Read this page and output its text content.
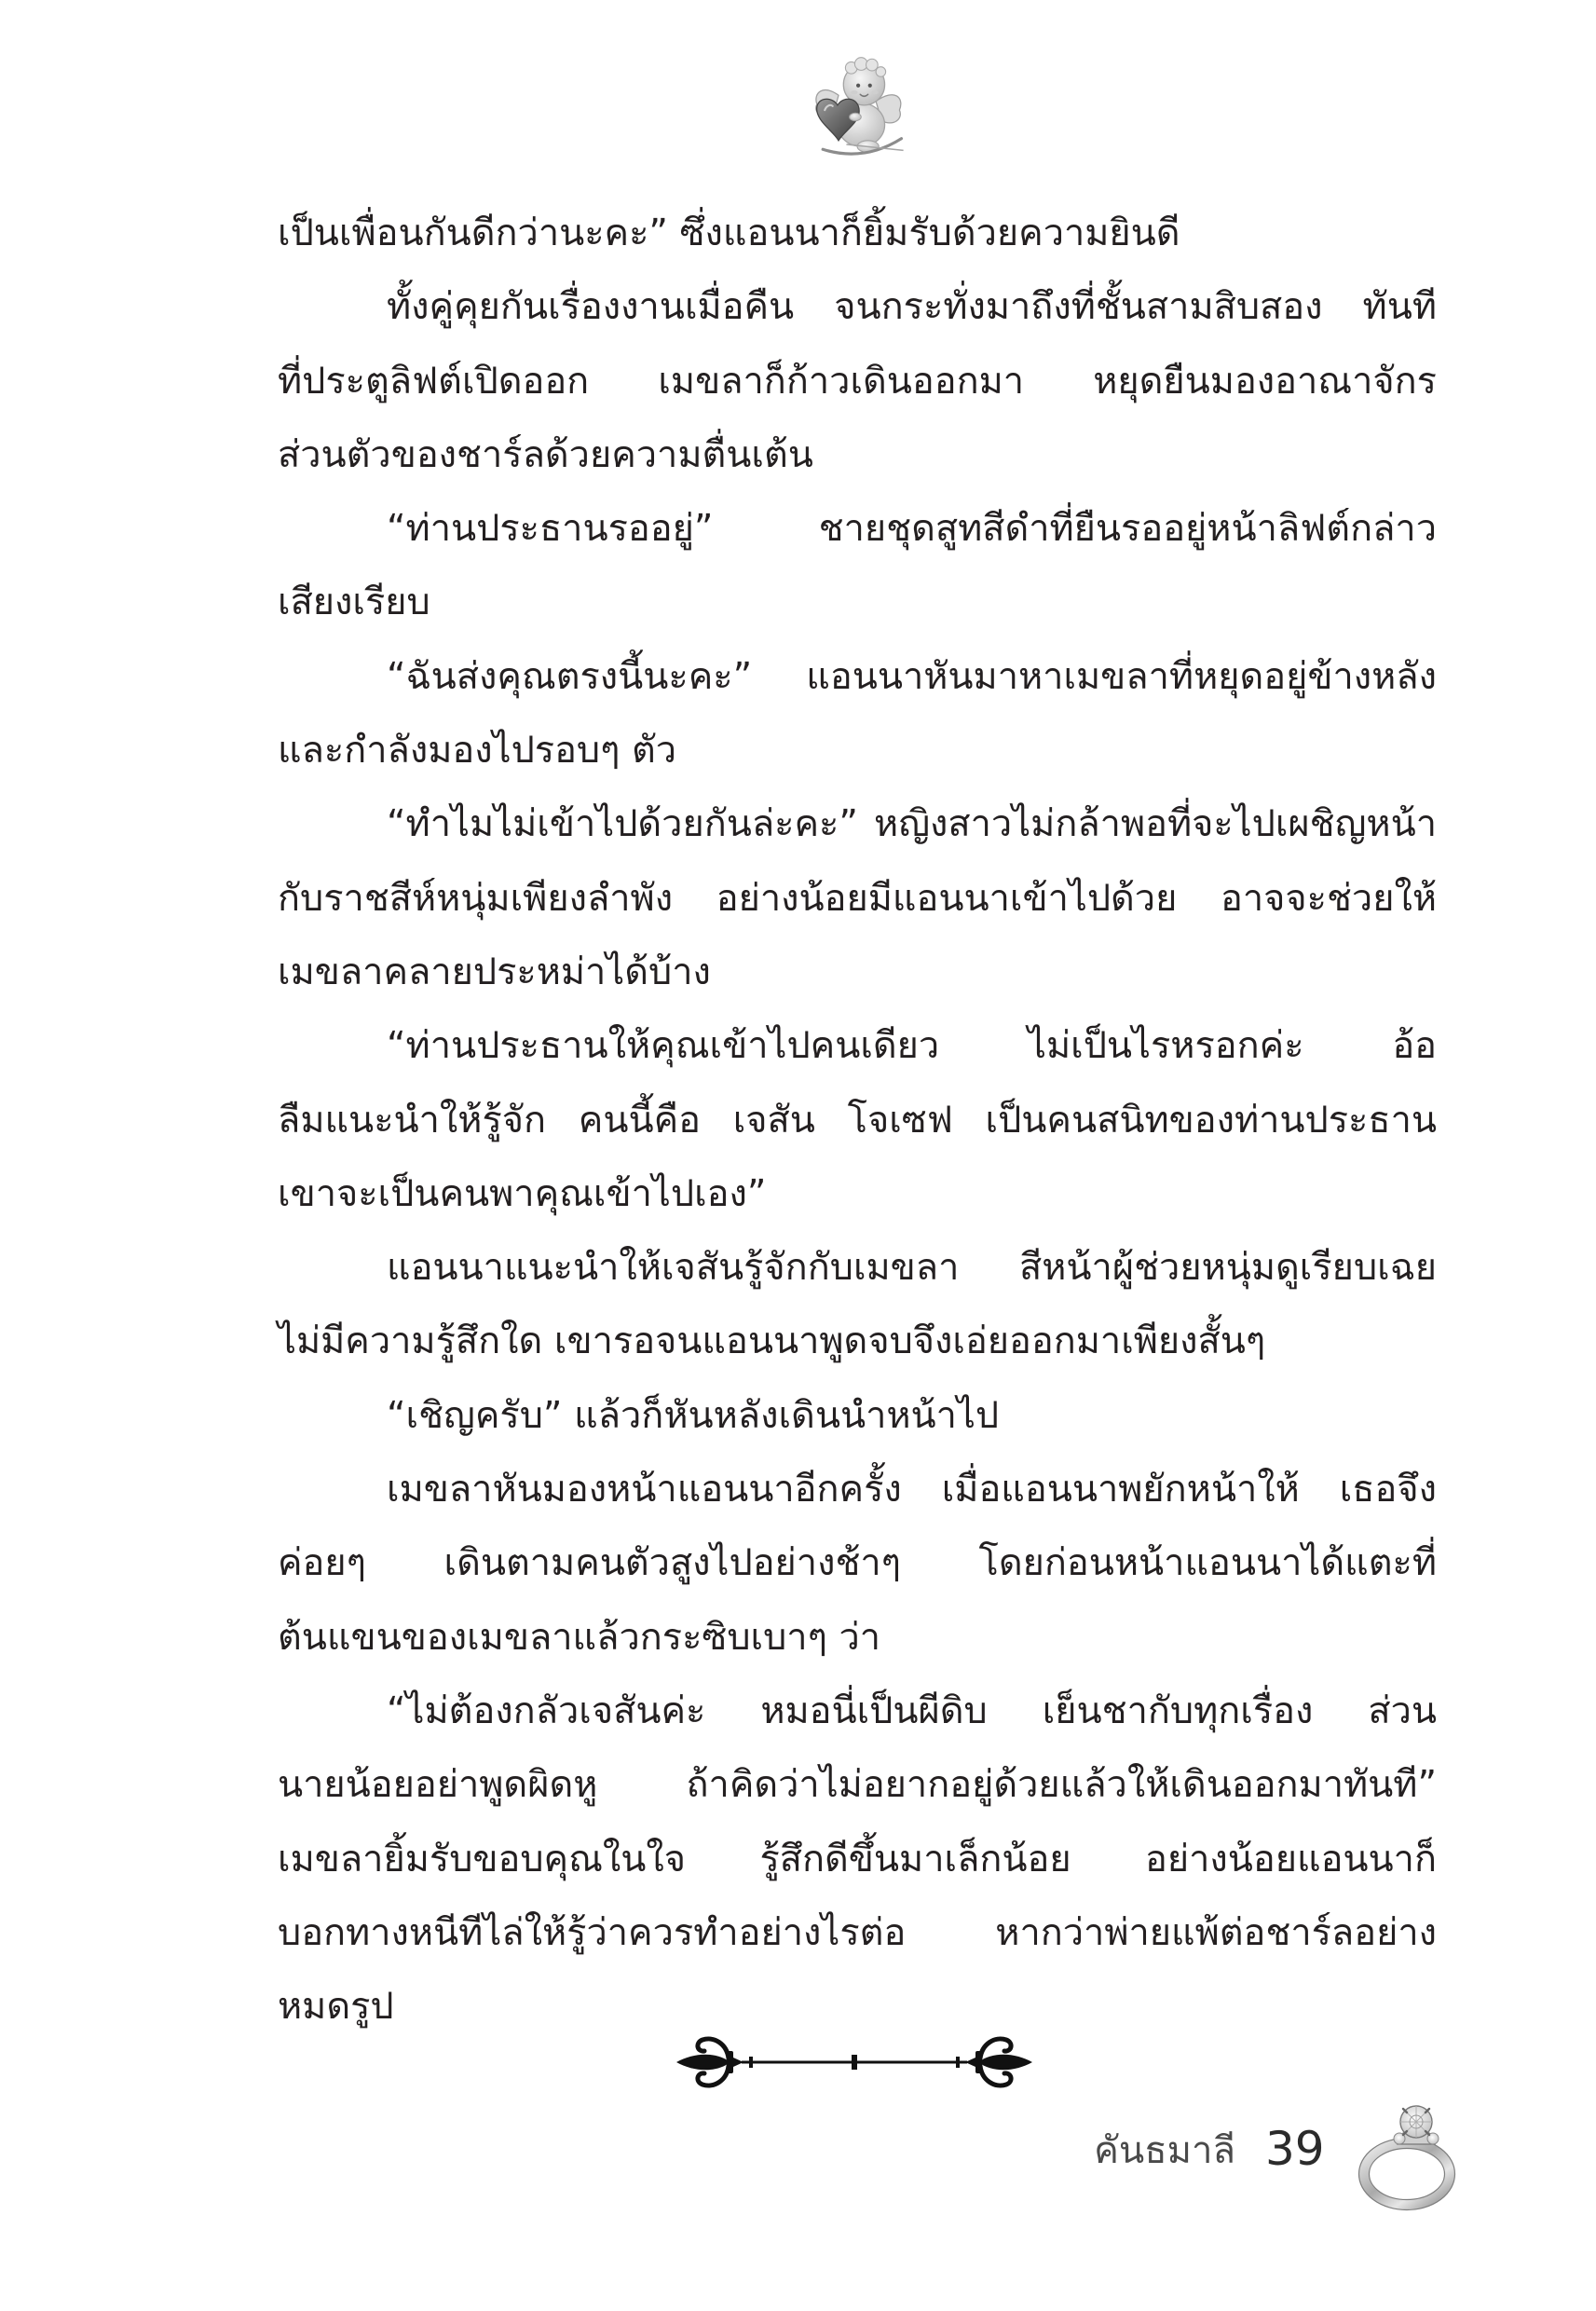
เป็นเพื่อนกันดีกว่านะคะ” ซึ่งแอนนาก็ยิ้มรับด้วยความยินดี
ทั้งคู่คุยกันเรื่องงานเมื่อคืน จนกระทั่งมาถึงที่ชั้นสามสิบสอง ทันที
ที่ประตูลิฟต์เปิดออก เมขลาก็ก้าวเดินออกมา หยุดยืนมองอาณาจักร
ส่วนตัวของชาร์ลด้วยความตื่นเต้น
“ท่านประธานรออยู่” ชายชุดสูทสีดำที่ยืนรออยู่หน้าลิฟต์กล่าว
เสียงเรียบ
“ฉันส่งคุณตรงนี้นะคะ” แอนนาหันมาหาเมขลาที่หยุดอยู่ข้างหลัง
และกำลังมองไปรอบๆ ตัว
“ทำไมไม่เข้าไปด้วยกันล่ะคะ” หญิงสาวไม่กล้าพอที่จะไปเผชิญหน้า
กับราชสีห์หนุ่มเพียงลำพัง อย่างน้อยมีแอนนาเข้าไปด้วย อาจจะช่วยให้
เมขลาคลายประหม่าได้บ้าง
“ท่านประธานให้คุณเข้าไปคนเดียว ไม่เป็นไรหรอกค่ะ อ้อ
ลืมแนะนำให้รู้จัก คนนี้คือ เจสัน โจเซฟ เป็นคนสนิทของท่านประธาน
เขาจะเป็นคนพาคุณเข้าไปเอง”
แอนนาแนะนำให้เจสันรู้จักกับเมขลา สีหน้าผู้ช่วยหนุ่มดูเรียบเฉย
ไม่มีความรู้สึกใด เขารอจนแอนนาพูดจบจึงเอ่ยออกมาเพียงสั้นๆ
“เชิญครับ” แล้วก็หันหลังเดินนำหน้าไป
เมขลาหันมองหน้าแอนนาอีกครั้ง เมื่อแอนนาพยักหน้าให้ เธอจึง
ค่อยๆ เดินตามคนตัวสูงไปอย่างช้าๆ โดยก่อนหน้าแอนนาได้แตะที่
ต้นแขนของเมขลาแล้วกระซิบเบาๆ ว่า
“ไม่ต้องกลัวเจสันค่ะ หมอนี่เป็นผีดิบ เย็นชากับทุกเรื่อง ส่วน
นายน้อยอย่าพูดผิดหู ถ้าคิดว่าไม่อยากอยู่ด้วยแล้วให้เดินออกมาทันที”
เมขลายิ้มรับขอบคุณในใจ รู้สึกดีขึ้นมาเล็กน้อย อย่างน้อยแอนนาก็
บอกทางหนีทีไล่ให้รู้ว่าควรทำอย่างไรต่อ หากว่าพ่ายแพ้ต่อชาร์ลอย่าง
หมดรูป
คันธมาลี 39
